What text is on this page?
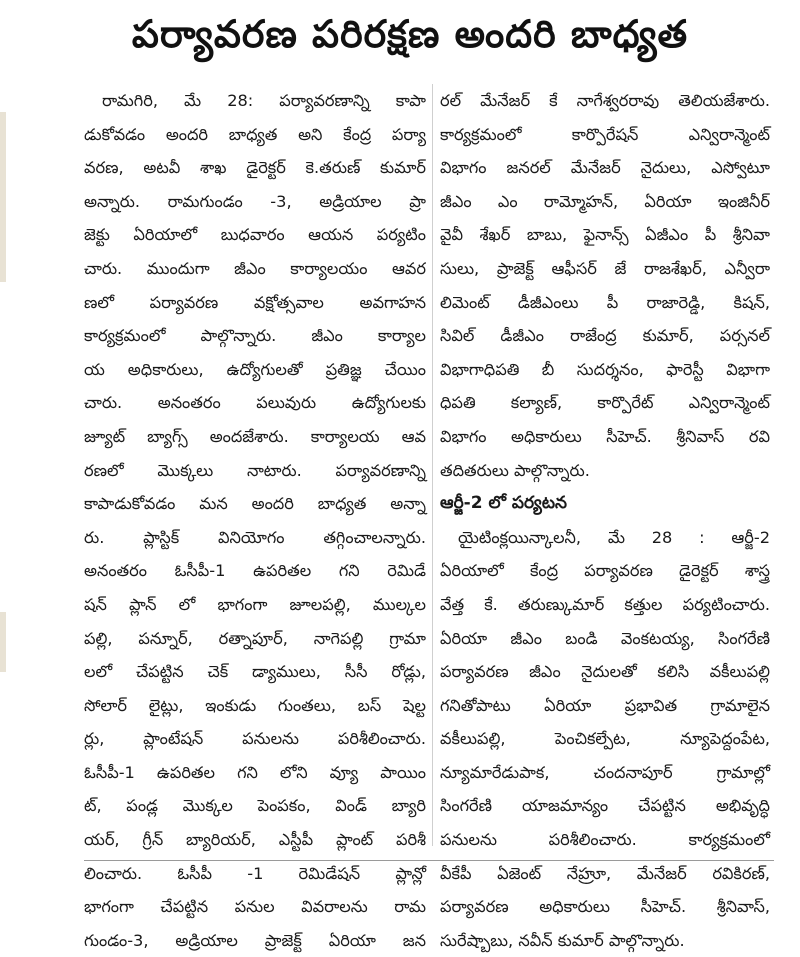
పర్యావరణ పరిరక్షణ అందరి బాధ్యత
రామగిరి, మే 28: పర్యావరణాన్ని కాపా
డుకోవడం అందరి బాధ్యత అని కేంద్ర పర్యా
వరణ, అటవీ శాఖ డైరెక్టర్ కె.తరుణ్ కుమార్
అన్నారు. రామగుండం -3, అడ్రియాల ప్రా
జెక్టు ఏరియాలో బుధవారం ఆయన పర్యటిం
చారు. ముందుగా జీఎం కార్యాలయం ఆవర
ణలో పర్యావరణ వక్షోత్సవాల అవగాహన
కార్యక్రమంలో పాల్గొన్నారు. జీఎం కార్యాల
య అధికారులు, ఉద్యోగులతో ప్రతిజ్ఞ చేయిం
చారు. అనంతరం పలువురు ఉద్యోగులకు
జ్యూట్ బ్యాగ్స్ అందజేశారు. కార్యాలయ ఆవ
రణలో మొక్కలు నాటారు. పర్యావరణాన్ని
కాపాడుకోవడం మన అందరి బాధ్యత అన్నా
రు. ప్లాస్టిక్ వినియోగం తగ్గించాలన్నారు.
అనంతరం ఓసీపీ-1 ఉపరితల గని రెమిడే
షన్ ప్లాన్ లో భాగంగా జూలపల్లి, ముల్కల
పల్లి, పన్నూర్, రత్నాపూర్, నాగెపల్లి గ్రామా
లలో చేపట్టిన చెక్ డ్యాములు, సీసీ రోడ్లు,
సోలార్ లైట్లు, ఇంకుడు గుంతలు, బస్ షెల్ట
ర్లు, ప్లాంటేషన్ పనులను పరిశీలించారు.
ఓసీపీ-1 ఉపరితల గని లోని వ్యూ పాయిం
ట్, పండ్ల మొక్కల పెంపకం, విండ్ బ్యారి
యర్, గ్రీన్ బ్యారియర్, ఎస్టీపీ ప్లాంట్ పరిశీ
లించారు. ఓసీపీ -1 రెమిడేషన్ ప్లాన్లో
భాగంగా చేపట్టిన పనుల వివరాలను రామ
గుండం-3, అడ్రియాల ప్రాజెక్ట్ ఏరియా జన
రల్ మేనేజర్ కే నాగేశ్వరరావు తెలియజేశారు.
కార్యక్రమంలో కార్పొరేషన్ ఎన్విరాన్మెంట్
విభాగం జనరల్ మేనేజర్ నైదులు, ఎస్వోటూ
జీఎం ఎం రామ్మోహన్, ఏరియా ఇంజినీర్
వైవీ శేఖర్ బాబు, ఫైనాన్స్ ఏజీఎం పీ శ్రీనివా
సులు, ప్రాజెక్ట్ ఆఫీసర్ జే రాజశేఖర్, ఎన్వీరా
లిమెంట్ డీజీఎంలు పీ రాజారెడ్డి, కిషన్,
సివిల్ డీజీఎం రాజేంద్ర కుమార్, పర్సనల్
విభాగాధిపతి బీ సుదర్శనం, ఫారెస్టీ విభాగా
ధిపతి కల్యాణ్, కార్పొరేట్ ఎన్విరాన్మెంట్
విభాగం అధికారులు సీహెచ్. శ్రీనివాస్ రవి
తదితరులు పాల్గొన్నారు.
ఆర్జీ-2 లో పర్యటన
యైటింక్లయిన్కాలనీ, మే 28 : ఆర్జీ-2
ఏరియాలో కేంద్ర పర్యావరణ డైరెక్టర్ శాస్త్ర
వేత్త కే. తరుణ్కుమార్ కత్తుల పర్యటించారు.
ఏరియా జీఎం బండి వెంకటయ్య, సింగరేణి
పర్యావరణ జీఎం నైదులతో కలిసి వకీలుపల్లి
గనితోపాటు ఏరియా ప్రభావిత గ్రామాలైన
వకీలుపల్లి, పెంచికల్పేట, న్యూపెద్దంపేట,
న్యూమారేడుపాక, చందనాపూర్ గ్రామాల్లో
సింగరేణి యాజమాన్యం చేపట్టిన అభివృద్ధి
పనులను పరిశీలించారు. కార్యక్రమంలో
వీకేపీ ఏజెంట్ నేహ్రూ, మేనేజర్ రవికిరణ్,
పర్యావరణ అధికారులు సీహెచ్. శ్రీనివాస్,
సురేష్బాబు, నవీన్ కుమార్ పాల్గొన్నారు.
